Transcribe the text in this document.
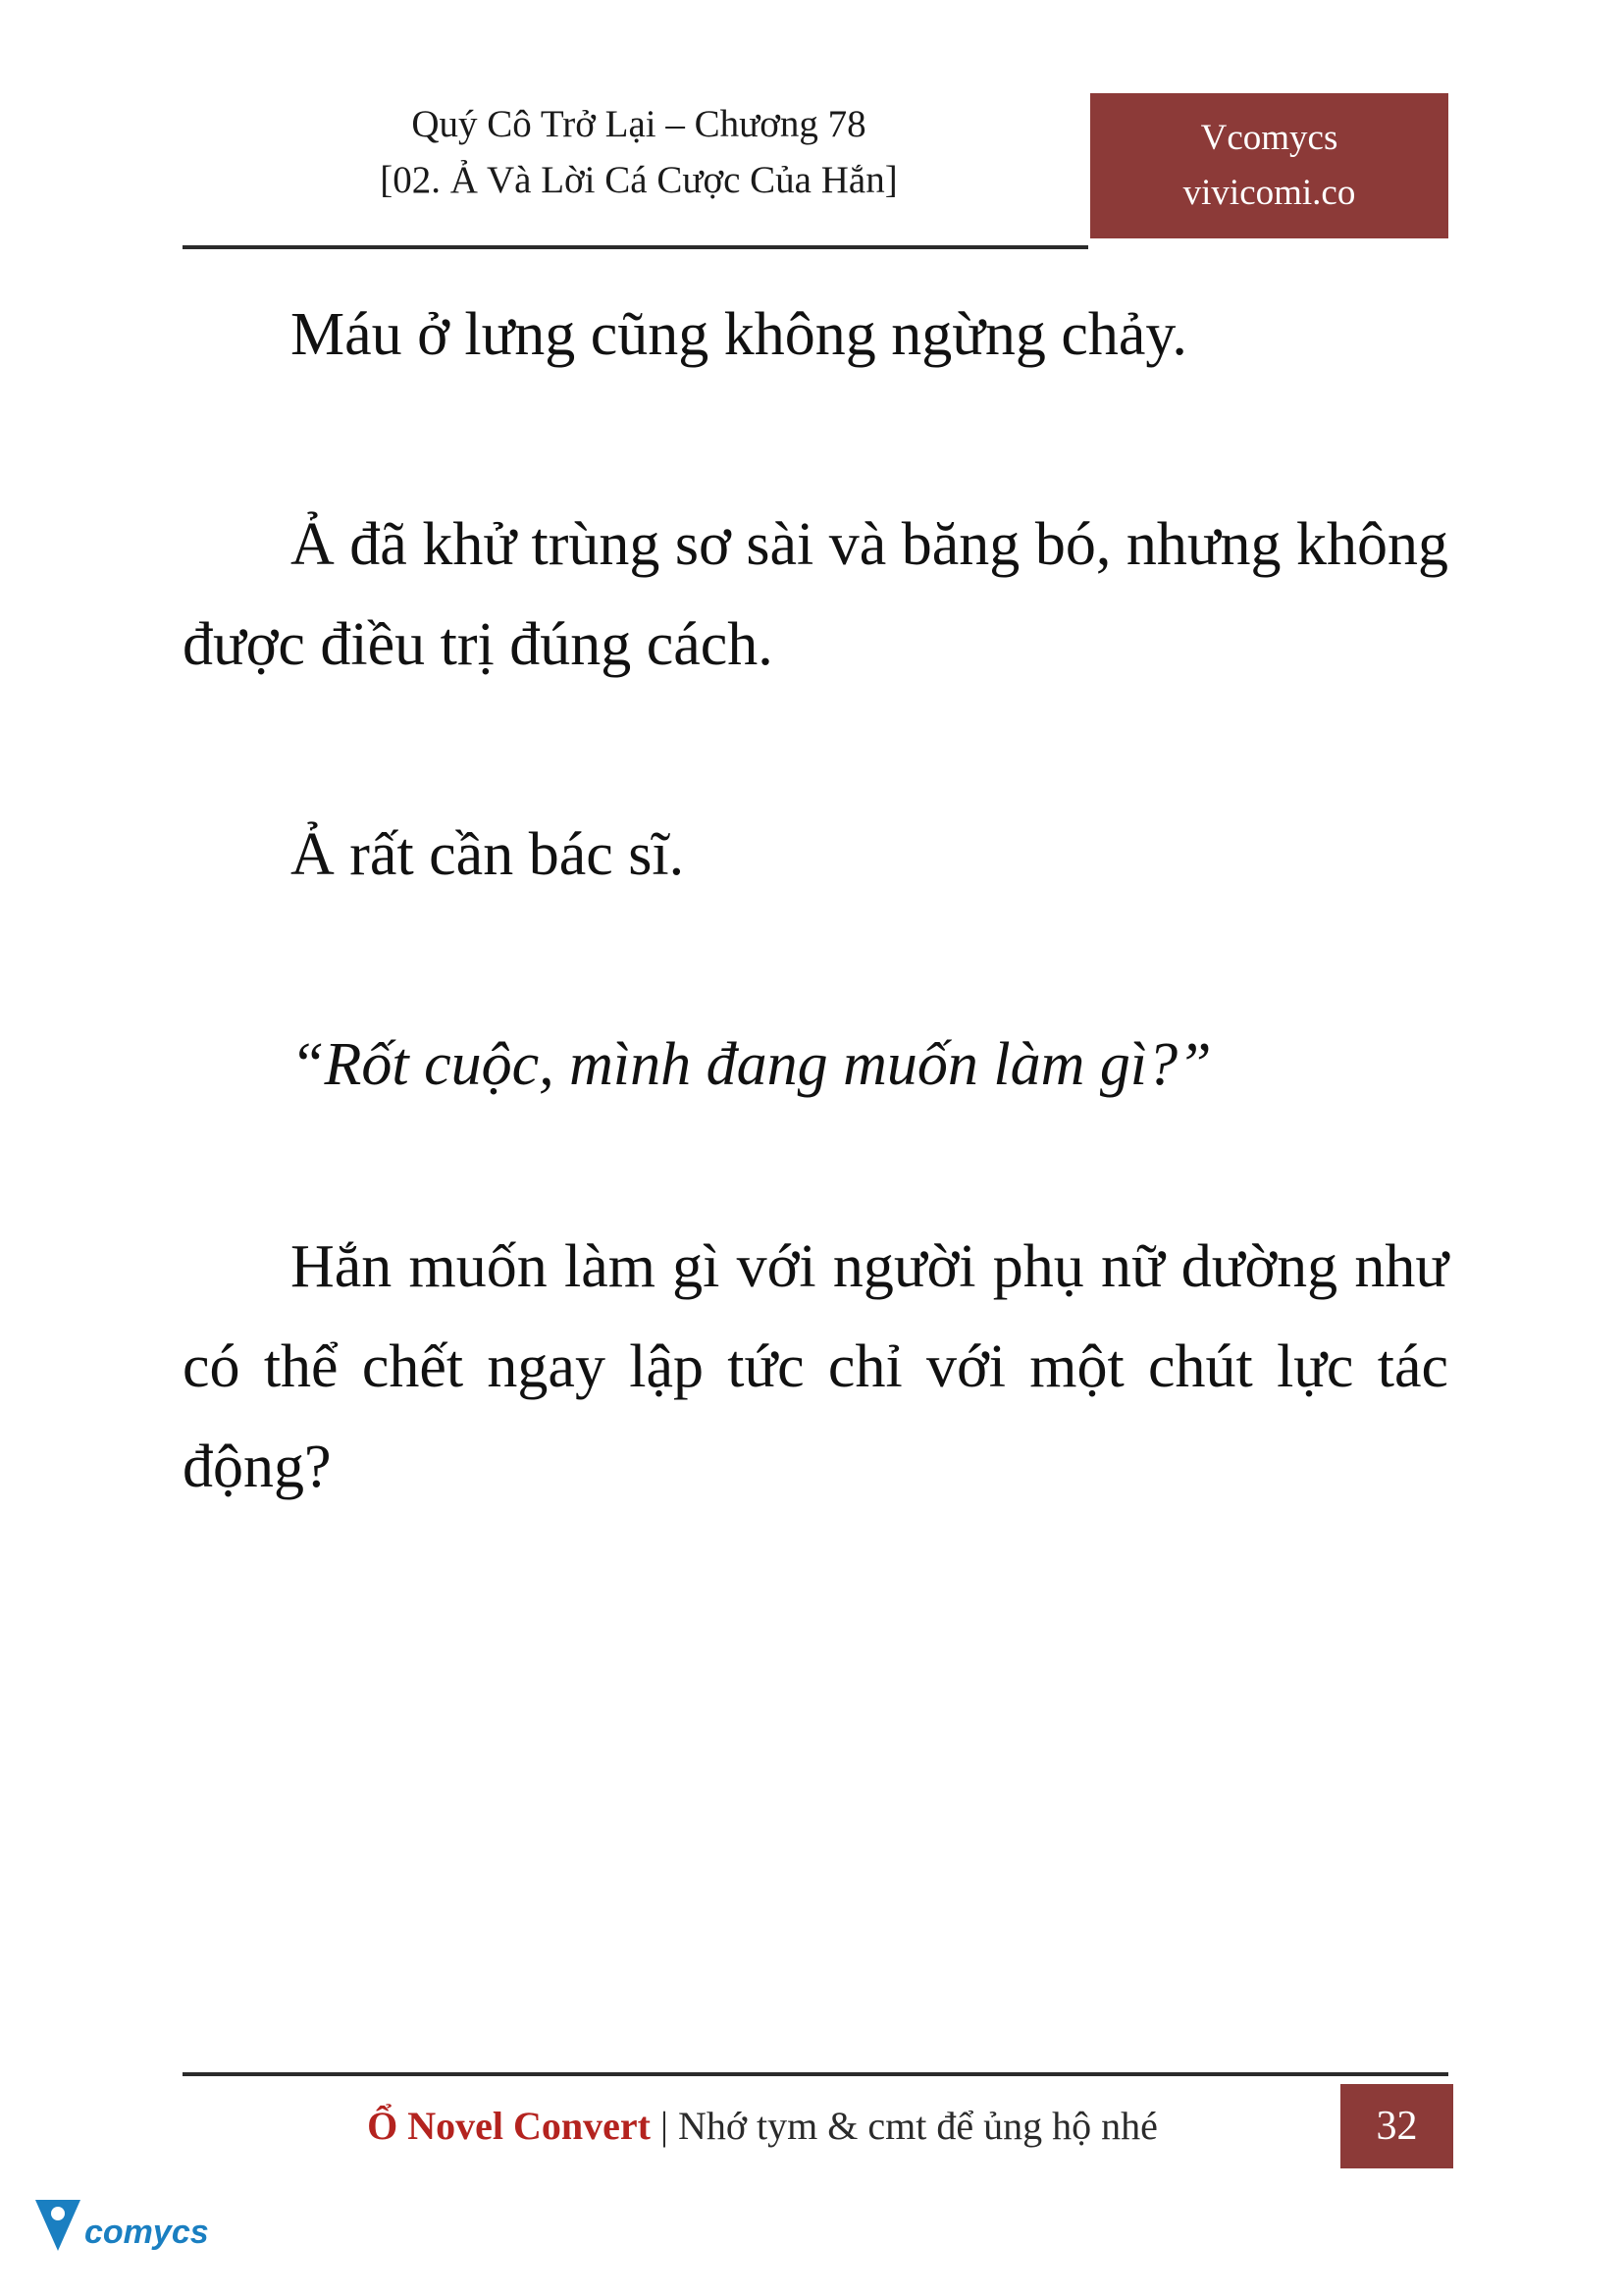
Quý Cô Trở Lại – Chương 78
[02. Ả Và Lời Cá Cược Của Hắn]
Vcomycs
vivicomi.co

Máu ở lưng cũng không ngừng chảy.

Ả đã khử trùng sơ sài và băng bó, nhưng không được điều trị đúng cách.

Ả rất cần bác sĩ.

“Rốt cuộc, mình đang muốn làm gì?”

Hắn muốn làm gì với người phụ nữ dường như có thể chết ngay lập tức chỉ với một chút lực tác động?

Ổ Novel Convert | Nhớ tym & cmt để ủng hộ nhé	32
comycs
